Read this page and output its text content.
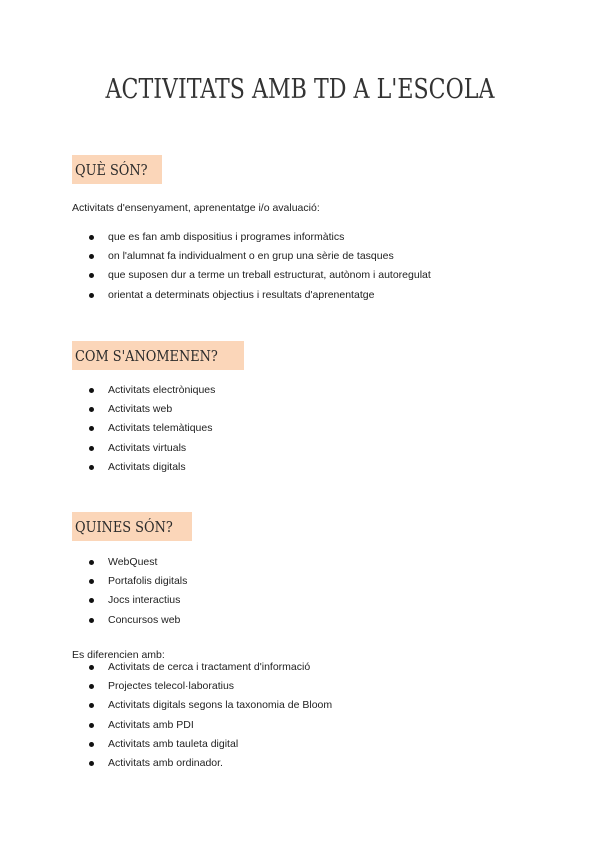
ACTIVITATS AMB TD A L'ESCOLA
QUÈ SÓN?

Activitats d'ensenyament, aprenentatge i/o avaluació:

que es fan amb dispositius i programes informàtics
on l'alumnat fa individualment o en grup una sèrie de tasques
que suposen dur a terme un treball estructurat, autònom i autoregulat
orientat a determinats objectius i resultats d'aprenentatge
COM S'ANOMENEN?
Activitats electròniques
Activitats web
Activitats telemàtiques
Activitats virtuals
Activitats digitals
QUINES SÓN?
WebQuest
Portafolis digitals
Jocs interactius
Concursos web

Es diferencien amb:

Activitats de cerca i tractament d'informació
Projectes telecol·laboratius
Activitats digitals segons la taxonomia de Bloom
Activitats amb PDI
Activitats amb tauleta digital
Activitats amb ordinador.
